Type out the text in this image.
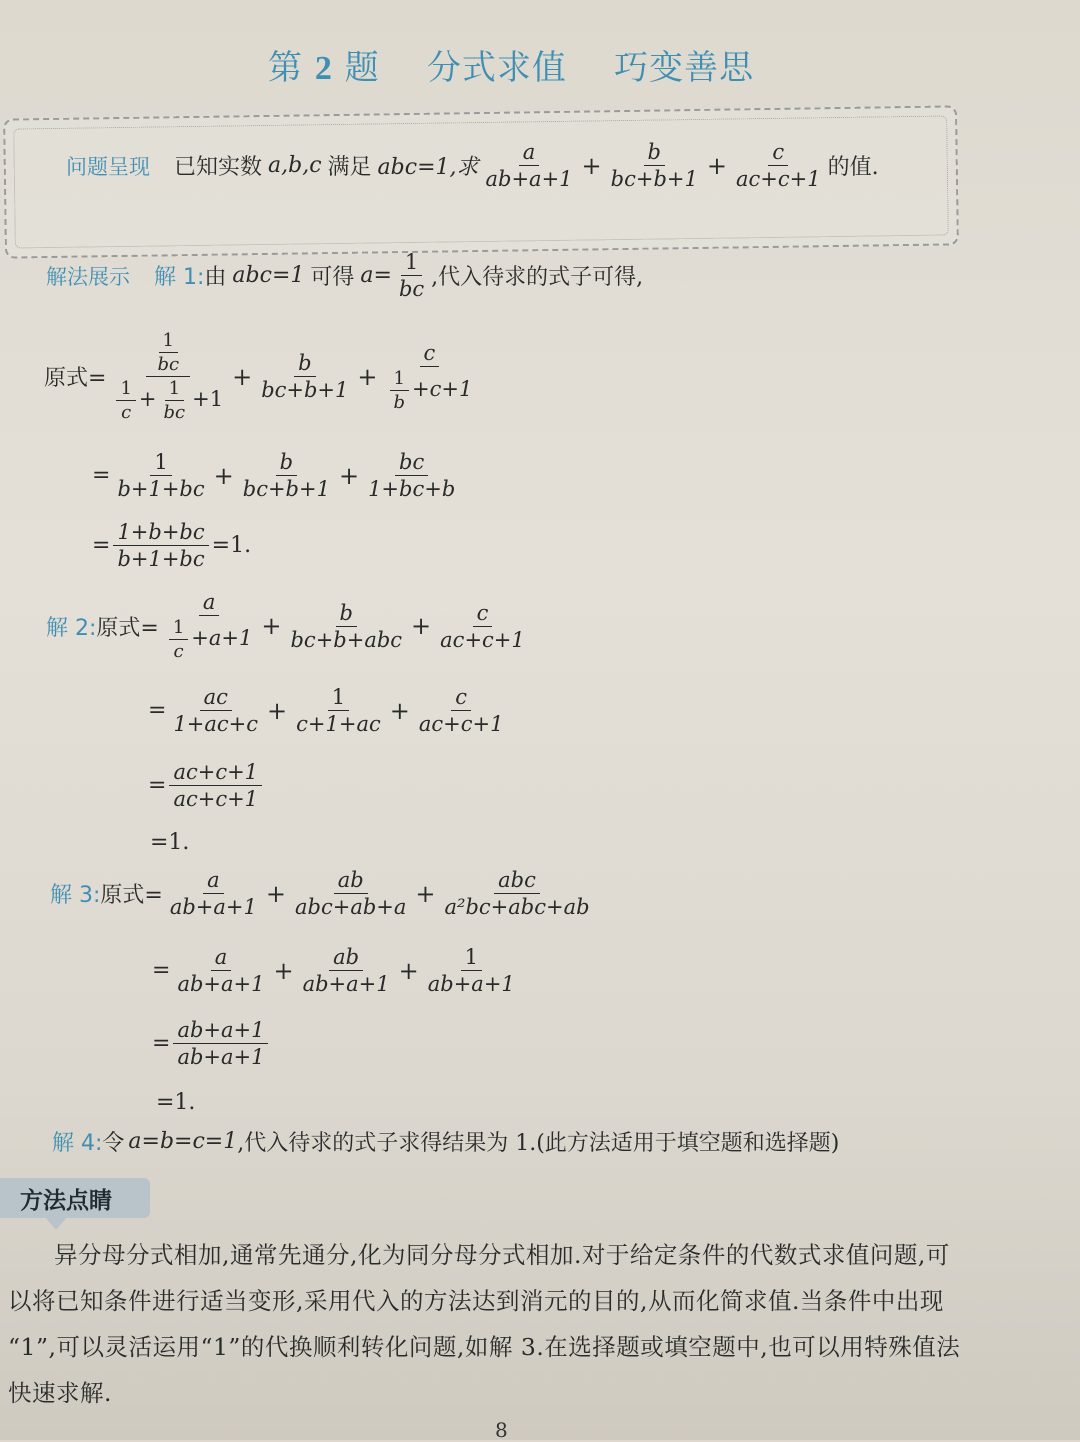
第 2 题    分式求值    巧变善思
问题呈现 已知实数 a,b,c 满足 abc=1,求 $\frac{a}{ab+a+1} + \frac{b}{bc+b+1} + \frac{c}{ac+c+1}$ 的值.
解法展示 解 1: 由 abc=1 可得 $a= \frac{1}{bc}$ ,代入待求的式子可得,
原式= $\frac{\frac{1}{bc}}{\frac{1}{c} + \frac{1}{bc} +1} + \frac{b}{bc+b+1} + \frac{c}{\frac{1}{b} +c+1}$
= $\frac{1}{b+1+bc} + \frac{b}{bc+b+1} + \frac{bc}{1+bc+b}$
= $\frac{1+b+bc}{b+1+bc} =1$.
解 2: 原式= $\frac{a}{\frac{1}{c} +a+1} + \frac{b}{\text{bc+b+abc}} + \frac{c}{ac+c+1}$
= $\frac{ac}{1+ac+c} + \frac{1}{c+1+ac} + \frac{c}{ac+c+1}$
= $\frac{ac+c+1}{ac+c+1}$
=1.
解 3: 原式= $\frac{a}{ab+a+1} + \frac{ab}{\text{abc+ab+a}} + \frac{\text{abc}}{\text{a²bc+abc+ab}}$
= $\frac{a}{ab+a+1} + \frac{ab}{ab+a+1} + \frac{1}{ab+a+1}$
= $\frac{ab+a+1}{ab+a+1}$
=1.
解 4: 令 a=b=c=1 ,代入待求的式子求得结果为 1.(此方法适用于填空题和选择题)
方法点睛

异分母分式相加,通常先通分,化为同分母分式相加.对于给定条件的代数式求值问题,可

以将已知条件进行适当变形,采用代入的方法达到消元的目的,从而化简求值.当条件中出现

“1”,可以灵活运用“1”的代换顺利转化问题,如解 3.在选择题或填空题中,也可以用特殊值法

快速求解.

8
